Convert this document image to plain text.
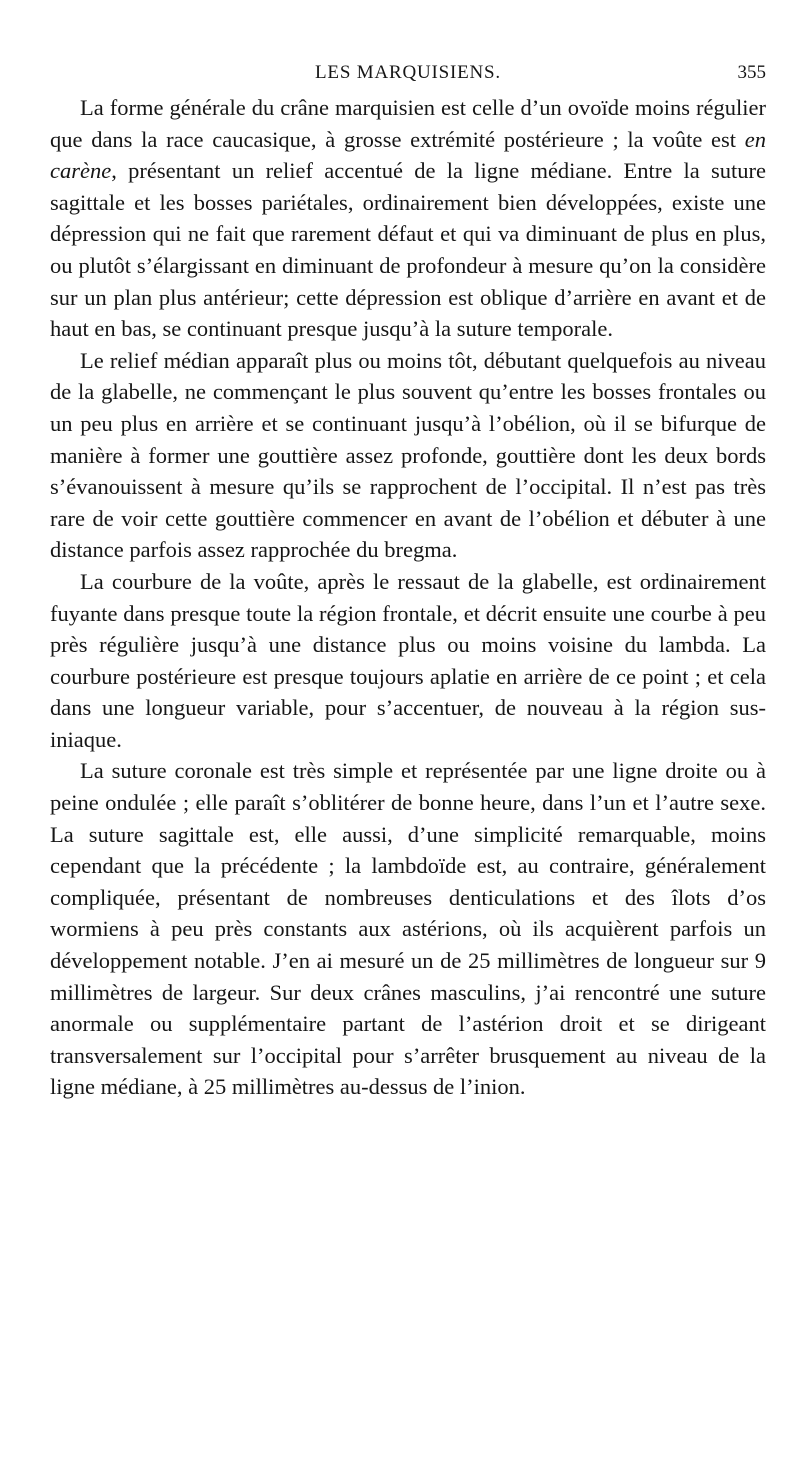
LES MARQUISIENS.	355

La forme générale du crâne marquisien est celle d’un ovoïde moins régulier que dans la race caucasique, à grosse extrémité postérieure ; la voûte est en carène, présentant un relief accentué de la ligne médiane. Entre la suture sagittale et les bosses pariétales, ordinairement bien développées, existe une dépression qui ne fait que rarement défaut et qui va diminuant de plus en plus, ou plutôt s’élargissant en diminuant de profondeur à mesure qu’on la considère sur un plan plus antérieur; cette dépression est oblique d’arrière en avant et de haut en bas, se continuant presque jusqu’à la suture temporale.

Le relief médian apparaît plus ou moins tôt, débutant quelquefois au niveau de la glabelle, ne commençant le plus souvent qu’entre les bosses frontales ou un peu plus en arrière et se continuant jusqu’à l’obélion, où il se bifurque de manière à former une gouttière assez profonde, gouttière dont les deux bords s’évanouissent à mesure qu’ils se rapprochent de l’occipital. Il n’est pas très rare de voir cette gouttière commencer en avant de l’obélion et débuter à une distance parfois assez rapprochée du bregma.

La courbure de la voûte, après le ressaut de la glabelle, est ordinairement fuyante dans presque toute la région frontale, et décrit ensuite une courbe à peu près régulière jusqu’à une distance plus ou moins voisine du lambda. La courbure postérieure est presque toujours aplatie en arrière de ce point ; et cela dans une longueur variable, pour s’accentuer, de nouveau à la région sus-iniaque.

La suture coronale est très simple et représentée par une ligne droite ou à peine ondulée ; elle paraît s’oblitérer de bonne heure, dans l’un et l’autre sexe. La suture sagittale est, elle aussi, d’une simplicité remarquable, moins cependant que la précédente ; la lambdoïde est, au contraire, généralement compliquée, présentant de nombreuses denticulations et des îlots d’os wormiens à peu près constants aux astérions, où ils acquièrent parfois un développement notable. J’en ai mesuré un de 25 millimètres de longueur sur 9 millimètres de largeur. Sur deux crânes masculins, j’ai rencontré une suture anormale ou supplémentaire partant de l’astérion droit et se dirigeant transversalement sur l’occipital pour s’arrêter brusquement au niveau de la ligne médiane, à 25 millimètres au-dessus de l’inion.
